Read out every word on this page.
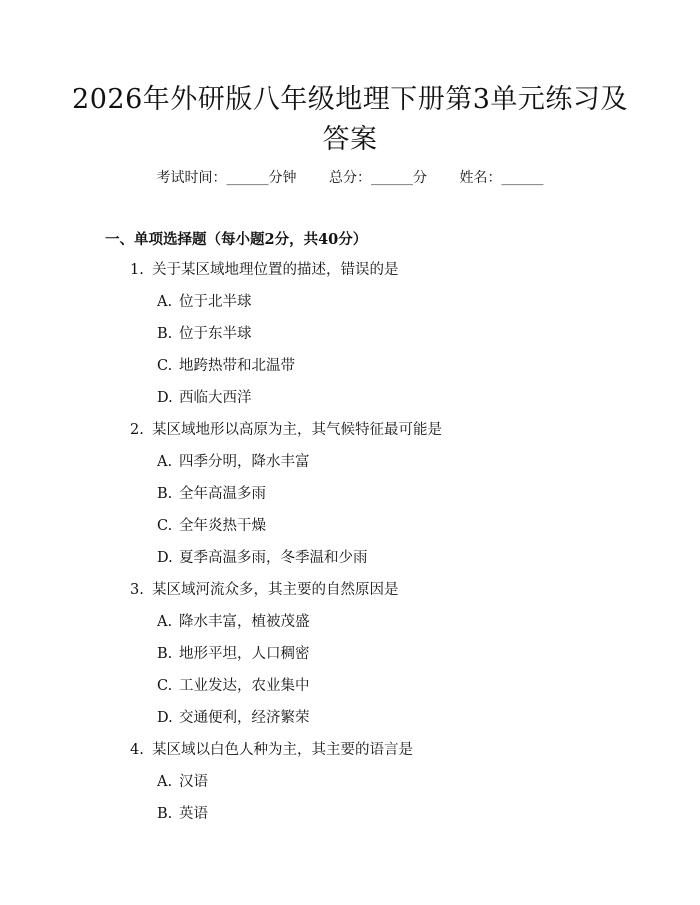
2026年外研版八年级地理下册第3单元练习及答案
考试时间：______分钟 总分：______分 姓名：______
一、单项选择题（每小题2分，共40分）
1. 关于某区域地理位置的描述，错误的是
A. 位于北半球
B. 位于东半球
C. 地跨热带和北温带
D. 西临大西洋
2. 某区域地形以高原为主，其气候特征最可能是
A. 四季分明，降水丰富
B. 全年高温多雨
C. 全年炎热干燥
D. 夏季高温多雨，冬季温和少雨
3. 某区域河流众多，其主要的自然原因是
A. 降水丰富，植被茂盛
B. 地形平坦，人口稠密
C. 工业发达，农业集中
D. 交通便利，经济繁荣
4. 某区域以白色人种为主，其主要的语言是
A. 汉语
B. 英语
